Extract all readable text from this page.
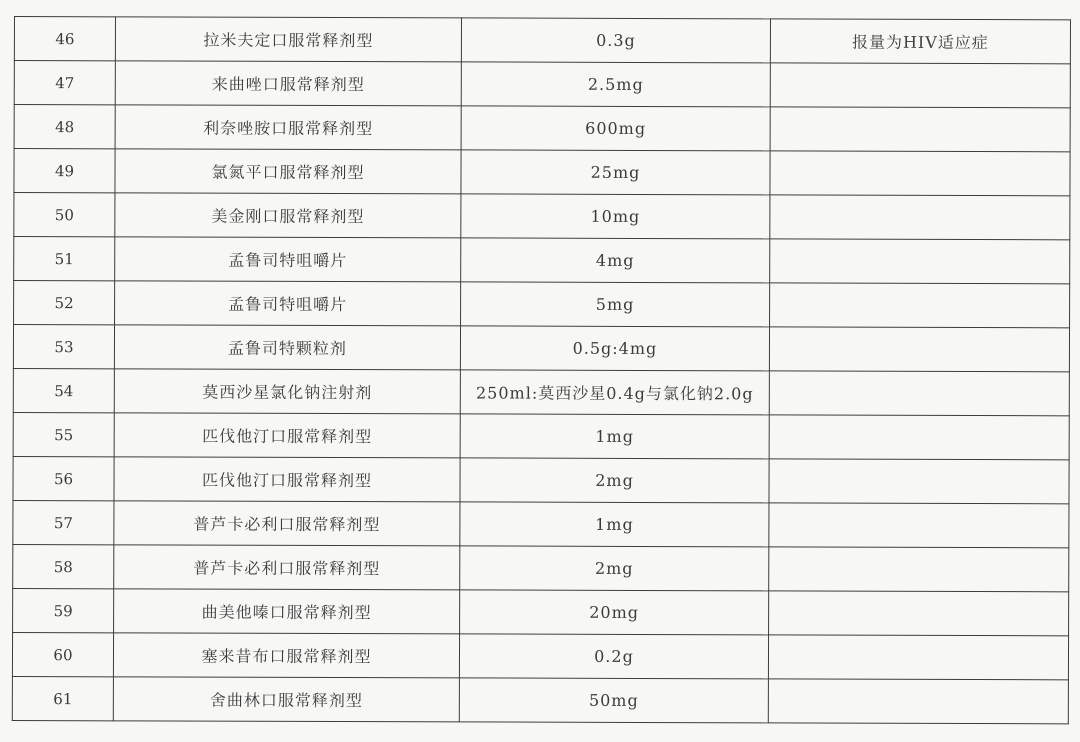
46	拉米夫定口服常释剂型	0.3g	报量为HIV适应症
47	来曲唑口服常释剂型	2.5mg	
48	利奈唑胺口服常释剂型	600mg	
49	氯氮平口服常释剂型	25mg	
50	美金刚口服常释剂型	10mg	
51	孟鲁司特咀嚼片	4mg	
52	孟鲁司特咀嚼片	5mg	
53	孟鲁司特颗粒剂	0.5g:4mg	
54	莫西沙星氯化钠注射剂	250ml:莫西沙星0.4g与氯化钠2.0g	
55	匹伐他汀口服常释剂型	1mg	
56	匹伐他汀口服常释剂型	2mg	
57	普芦卡必利口服常释剂型	1mg	
58	普芦卡必利口服常释剂型	2mg	
59	曲美他嗪口服常释剂型	20mg	
60	塞来昔布口服常释剂型	0.2g	
61	舍曲林口服常释剂型	50mg	
